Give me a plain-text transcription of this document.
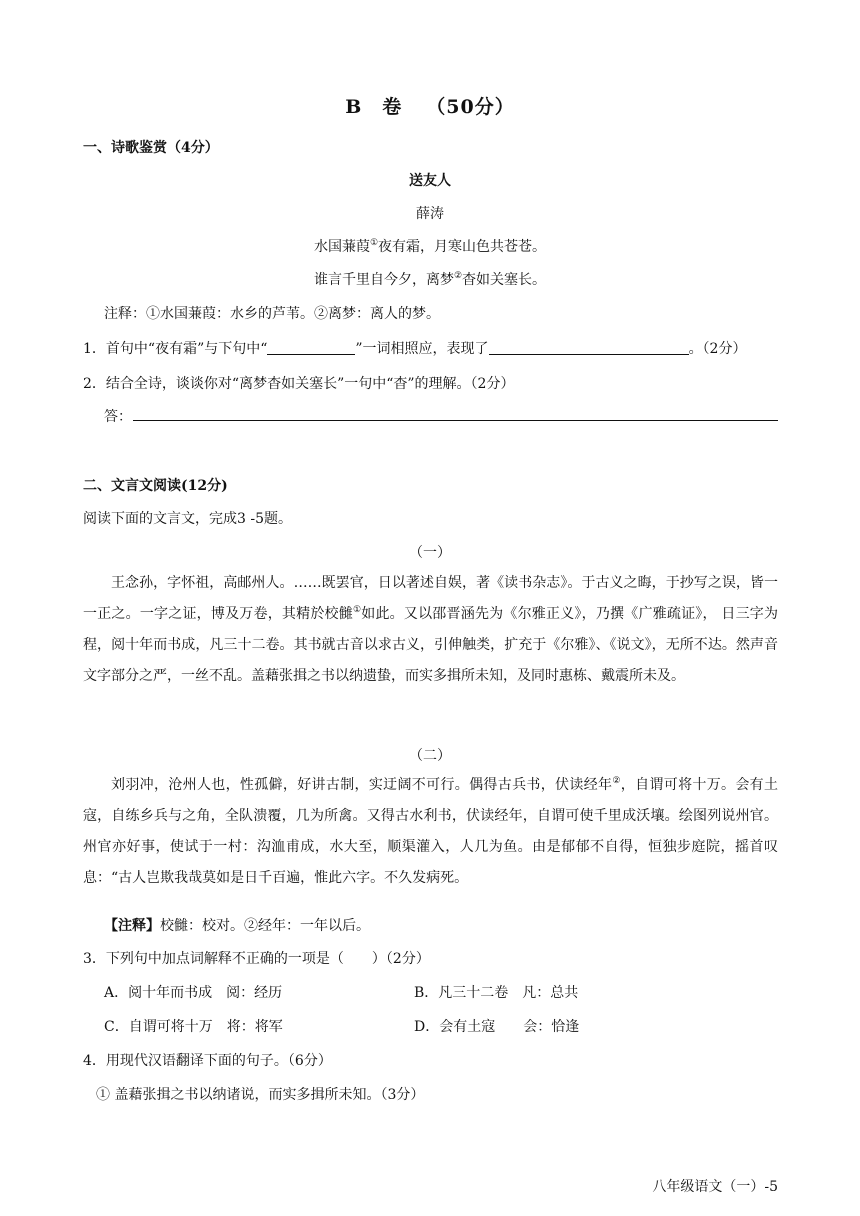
B　卷 （50分）
一、诗歌鉴赏（4分）
送友人
薛涛
水国蒹葭①夜有霜，月寒山色共苍苍。
谁言千里自今夕，离梦②杳如关塞长。
注释：①水国蒹葭：水乡的芦苇。②离梦：离人的梦。
1．首句中“夜有霜”与下句中“	”一词相照应，表现了	。（2分）
2．结合全诗，谈谈你对“离梦杳如关塞长”一句中“杳”的理解。（2分）
答：
二、文言文阅读(12分)
阅读下面的文言文，完成3 -5题。
（一）
王念孙，字怀祖，高邮州人。……既罢官，日以著述自娱，著《读书杂志》。于古义之晦，于抄写之误，皆一一正之。一字之证，博及万卷，其精於校雠①如此。又以邵晋涵先为《尔雅正义》，乃撰《广雅疏证》， 日三字为程，阅十年而书成，凡三十二卷。其书就古音以求古义，引伸触类，扩充于《尔雅》、《说文》，无所不达。然声音文字部分之严，一丝不乱。盖藉张揖之书以纳遗蛰，而实多揖所未知，及同时惠栋、戴震所未及。
（二）
刘羽冲，沧州人也，性孤僻，好讲古制，实迂阔不可行。偶得古兵书，伏读经年②，自谓可将十万。会有土寇，自练乡兵与之角，全队溃覆，几为所禽。又得古水利书，伏读经年，自谓可使千里成沃壤。绘图列说州官。州官亦好事，使试于一村：沟洫甫成，水大至，顺渠灌入，人几为鱼。由是郁郁不自得，恒独步庭院，摇首叹息：“古人岂欺我哉莫如是日千百遍，惟此六字。不久发病死。
【注释】校雠：校对。②经年：一年以后。
3．下列句中加点词解释不正确的一项是（　　）（2分）
A．阅十年而书成　阅：经历	B．凡三十二卷　凡：总共
C．自谓可将十万　将：将军	D．会有土寇　　会：恰逢
4．用现代汉语翻译下面的句子。（6分）
① 盖藉张揖之书以纳诸说，而实多揖所未知。（3分）
八年级语文（一）-5
